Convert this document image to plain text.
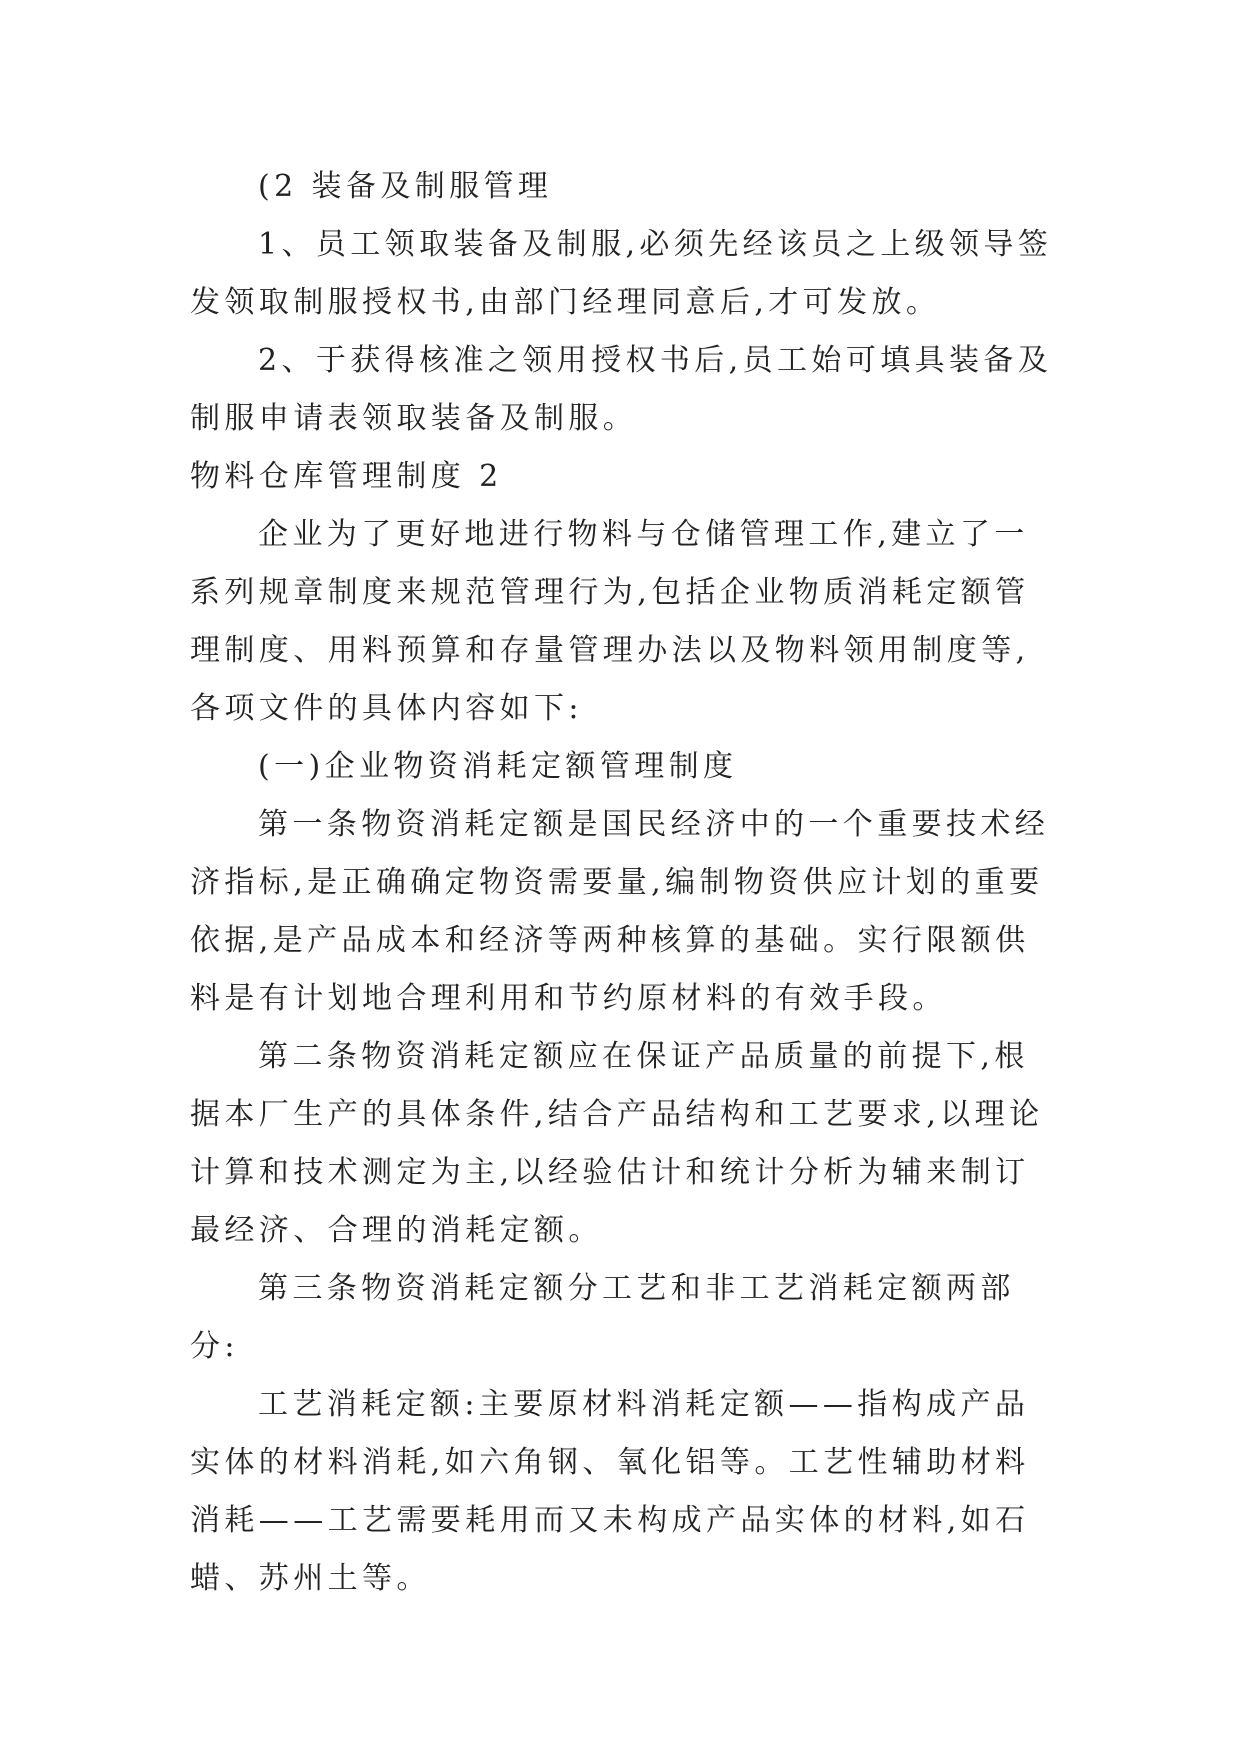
(2 装备及制服管理

1、员工领取装备及制服,必须先经该员之上级领导签发领取制服授权书,由部门经理同意后,才可发放。

2、于获得核准之领用授权书后,员工始可填具装备及制服申请表领取装备及制服。

物料仓库管理制度 2

企业为了更好地进行物料与仓储管理工作,建立了一系列规章制度来规范管理行为,包括企业物质消耗定额管理制度、用料预算和存量管理办法以及物料领用制度等,各项文件的具体内容如下:

(一)企业物资消耗定额管理制度

第一条物资消耗定额是国民经济中的一个重要技术经济指标,是正确确定物资需要量,编制物资供应计划的重要依据,是产品成本和经济等两种核算的基础。实行限额供料是有计划地合理利用和节约原材料的有效手段。

第二条物资消耗定额应在保证产品质量的前提下,根据本厂生产的具体条件,结合产品结构和工艺要求,以理论计算和技术测定为主,以经验估计和统计分析为辅来制订最经济、合理的消耗定额。

第三条物资消耗定额分工艺和非工艺消耗定额两部分:

工艺消耗定额:主要原材料消耗定额——指构成产品实体的材料消耗,如六角钢、氧化铝等。工艺性辅助材料消耗——工艺需要耗用而又未构成产品实体的材料,如石蜡、苏州土等。
